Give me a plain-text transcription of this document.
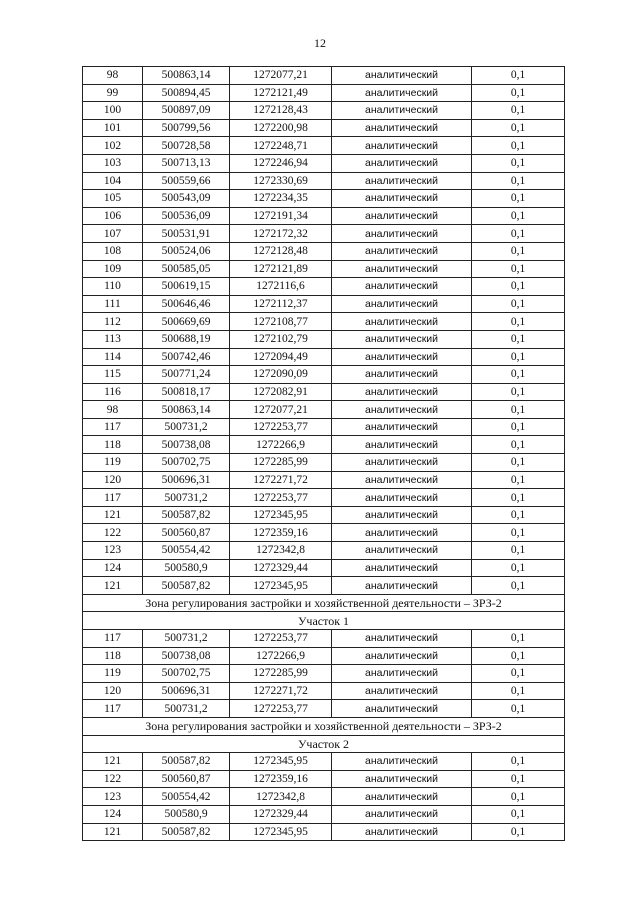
12
98	500863,14	1272077,21	аналитический	0,1
99	500894,45	1272121,49	аналитический	0,1
100	500897,09	1272128,43	аналитический	0,1
101	500799,56	1272200,98	аналитический	0,1
102	500728,58	1272248,71	аналитический	0,1
103	500713,13	1272246,94	аналитический	0,1
104	500559,66	1272330,69	аналитический	0,1
105	500543,09	1272234,35	аналитический	0,1
106	500536,09	1272191,34	аналитический	0,1
107	500531,91	1272172,32	аналитический	0,1
108	500524,06	1272128,48	аналитический	0,1
109	500585,05	1272121,89	аналитический	0,1
110	500619,15	1272116,6	аналитический	0,1
111	500646,46	1272112,37	аналитический	0,1
112	500669,69	1272108,77	аналитический	0,1
113	500688,19	1272102,79	аналитический	0,1
114	500742,46	1272094,49	аналитический	0,1
115	500771,24	1272090,09	аналитический	0,1
116	500818,17	1272082,91	аналитический	0,1
98	500863,14	1272077,21	аналитический	0,1
117	500731,2	1272253,77	аналитический	0,1
118	500738,08	1272266,9	аналитический	0,1
119	500702,75	1272285,99	аналитический	0,1
120	500696,31	1272271,72	аналитический	0,1
117	500731,2	1272253,77	аналитический	0,1
121	500587,82	1272345,95	аналитический	0,1
122	500560,87	1272359,16	аналитический	0,1
123	500554,42	1272342,8	аналитический	0,1
124	500580,9	1272329,44	аналитический	0,1
121	500587,82	1272345,95	аналитический	0,1
Зона регулирования застройки и хозяйственной деятельности – ЗРЗ-2				
Участок 1				
117	500731,2	1272253,77	аналитический	0,1
118	500738,08	1272266,9	аналитический	0,1
119	500702,75	1272285,99	аналитический	0,1
120	500696,31	1272271,72	аналитический	0,1
117	500731,2	1272253,77	аналитический	0,1
Зона регулирования застройки и хозяйственной деятельности – ЗРЗ-2				
Участок 2				
121	500587,82	1272345,95	аналитический	0,1
122	500560,87	1272359,16	аналитический	0,1
123	500554,42	1272342,8	аналитический	0,1
124	500580,9	1272329,44	аналитический	0,1
121	500587,82	1272345,95	аналитический	0,1
